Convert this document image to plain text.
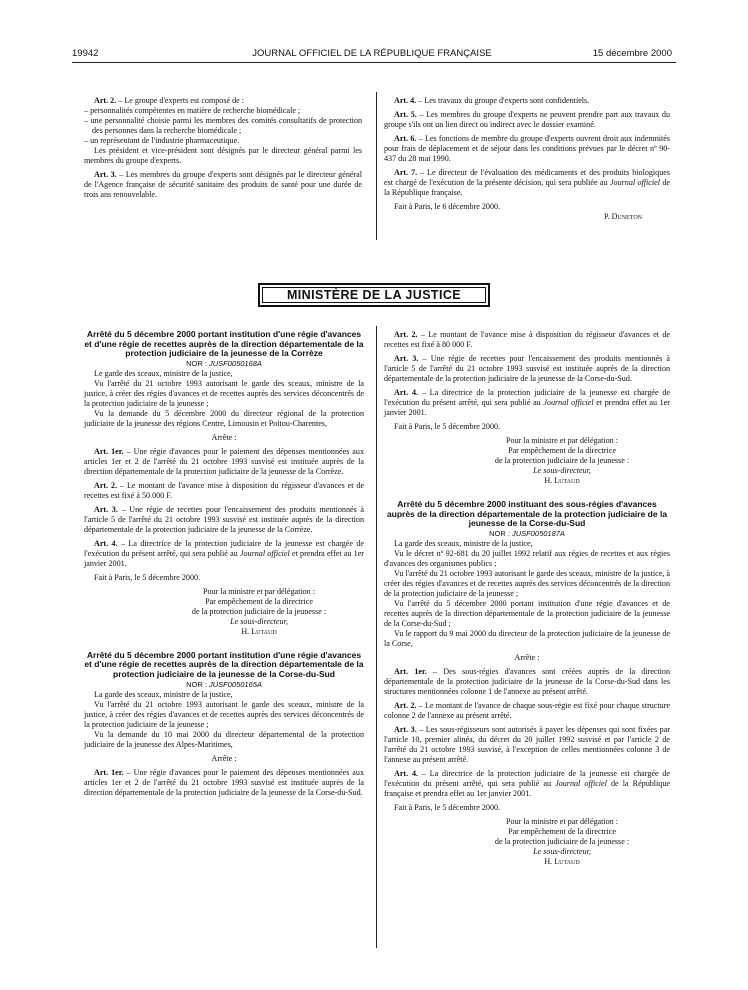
19942	JOURNAL OFFICIEL DE LA RÉPUBLIQUE FRANÇAISE	15 décembre 2000

Art. 2. – Le groupe d'experts est composé de :

– personnalités compétentes en matière de recherche biomédicale ;

– une personnalité choisie parmi les membres des comités consultatifs de protection des personnes dans la recherche biomédicale ;

– un représentant de l'industrie pharmaceutique.

Les président et vice-président sont désignés par le directeur général parmi les membres du groupe d'experts.

Art. 3. – Les membres du groupe d'experts sont désignés par le directeur général de l'Agence française de sécurité sanitaire des produits de santé pour une durée de trois ans renouvelable.

Art. 4. – Les travaux du groupe d'experts sont confidentiels.

Art. 5. – Les membres du groupe d'experts ne peuvent prendre part aux travaux du groupe s'ils ont un lien direct ou indirect avec le dossier examiné.

Art. 6. – Les fonctions de membre du groupe d'experts ouvrent droit aux indemnités pour frais de déplacement et de séjour dans les conditions prévues par le décret nº 90-437 du 28 mai 1990.

Art. 7. – Le directeur de l'évaluation des médicaments et des produits biologiques est chargé de l'exécution de la présente décision, qui sera publiée au Journal officiel de la République française.

Fait à Paris, le 6 décembre 2000.

P. Duneton

MINISTÈRE DE LA JUSTICE

Arrêté du 5 décembre 2000 portant institution d'une régie d'avances et d'une régie de recettes auprès de la direction départementale de la protection judiciaire de la jeunesse de la Corrèze

NOR : JUSF0050168A

Le garde des sceaux, ministre de la justice,

Vu l'arrêté du 21 octobre 1993 autorisant le garde des sceaux, ministre de la justice, à créer des régies d'avances et de recettes auprès des services déconcentrés de la protection judiciaire de la jeunesse ;

Vu la demande du 5 décembre 2000 du directeur régional de la protection judiciaire de la jeunesse des régions Centre, Limousin et Poitou-Charentes,

Arrête :

Art. 1er. – Une régie d'avances pour le paiement des dépenses mentionnées aux articles 1er et 2 de l'arrêté du 21 octobre 1993 susvisé est instituée auprès de la direction départementale de la protection judiciaire de la jeunesse de la Corrèze.

Art. 2. – Le montant de l'avance mise à disposition du régisseur d'avances et de recettes est fixé à 50 000 F.

Art. 3. – Une régie de recettes pour l'encaissement des produits mentionnés à l'article 5 de l'arrêté du 21 octobre 1993 susvisé est instituée auprès de la direction départementale de la protection judiciaire de la jeunesse de la Corrèze.

Art. 4. – La directrice de la protection judiciaire de la jeunesse est chargée de l'exécution du présent arrêté, qui sera publié au Journal officiel et prendra effet au 1er janvier 2001.

Fait à Paris, le 5 décembre 2000.

Pour la ministre et par délégation :

Par empêchement de la directrice

de la protection judiciaire de la jeunesse :

Le sous-directeur,

H. Lutaud

Arrêté du 5 décembre 2000 portant institution d'une régie d'avances et d'une régie de recettes auprès de la direction départementale de la protection judiciaire de la jeunesse de la Corse-du-Sud

NOR : JUSF0050165A

La garde des sceaux, ministre de la justice,

Vu l'arrêté du 21 octobre 1993 autorisant le garde des sceaux, ministre de la justice, à créer des régies d'avances et de recettes auprès des services déconcentrés de la protection judiciaire de la jeunesse ;

Vu la demande du 10 mai 2000 du directeur départemental de la protection judiciaire de la jeunesse des Alpes-Maritimes,

Arrête :

Art. 1er. – Une régie d'avances pour le paiement des dépenses mentionnées aux articles 1er et 2 de l'arrêté du 21 octobre 1993 susvisé est instituée auprès de la direction départementale de la protection judiciaire de la jeunesse de la Corse-du-Sud.

Art. 2. – Le montant de l'avance mise à disposition du régisseur d'avances et de recettes est fixé à 80 000 F.

Art. 3. – Une régie de recettes pour l'encaissement des produits mentionnés à l'article 5 de l'arrêté du 21 octobre 1993 susvisé est instituée auprès de la direction départementale de la protection judiciaire de la jeunesse de la Corse-du-Sud.

Art. 4. – La directrice de la protection judiciaire de la jeunesse est chargée de l'exécution du présent arrêté, qui sera publié au Journal officiel et prendra effet au 1er janvier 2001.

Fait à Paris, le 5 décembre 2000.

Pour la ministre et par délégation :

Par empêchement de la directrice

de la protection judiciaire de la jeunesse :

Le sous-directeur,

H. Lutaud

Arrêté du 5 décembre 2000 instituant des sous-régies d'avances auprès de la direction départementale de la protection judiciaire de la jeunesse de la Corse-du-Sud

NOR : JUSF0050187A

La garde des sceaux, ministre de la justice,

Vu le décret nº 92-681 du 20 juillet 1992 relatif aux régies de recettes et aux régies d'avances des organismes publics ;

Vu l'arrêté du 21 octobre 1993 autorisant le garde des sceaux, ministre de la justice, à créer des régies d'avances et de recettes auprès des services déconcentrés de la direction de la protection judiciaire de la jeunesse ;

Vu l'arrêté du 5 décembre 2000 portant institution d'une régie d'avances et de recettes auprès de la direction départementale de la protection judiciaire de la jeunesse de la Corse-du-Sud ;

Vu le rapport du 9 mai 2000 du directeur de la protection judiciaire de la jeunesse de la Corse,

Arrête :

Art. 1er. – Des sous-régies d'avances sont créées auprès de la direction départementale de la protection judiciaire de la jeunesse de la Corse-du-Sud dans les structures mentionnées colonne 1 de l'annexe au présent arrêté.

Art. 2. – Le montant de l'avance de chaque sous-régie est fixé pour chaque structure colonne 2 de l'annexe au présent arrêté.

Art. 3. – Les sous-régisseurs sont autorisés à payer les dépenses qui sont fixées par l'article 10, premier alinéa, du décret du 20 juillet 1992 susvisé et par l'article 2 de l'arrêté du 21 octobre 1993 susvisé, à l'exception de celles mentionnées colonne 3 de l'annexe au présent arrêté.

Art. 4. – La directrice de la protection judiciaire de la jeunesse est chargée de l'exécution du présent arrêté, qui sera publié au Journal officiel de la République française et prendra effet au 1er janvier 2001.

Fait à Paris, le 5 décembre 2000.

Pour la ministre et par délégation :

Par empêchement de la directrice

de la protection judiciaire de la jeunesse :

Le sous-directeur,

H. Lutaud
